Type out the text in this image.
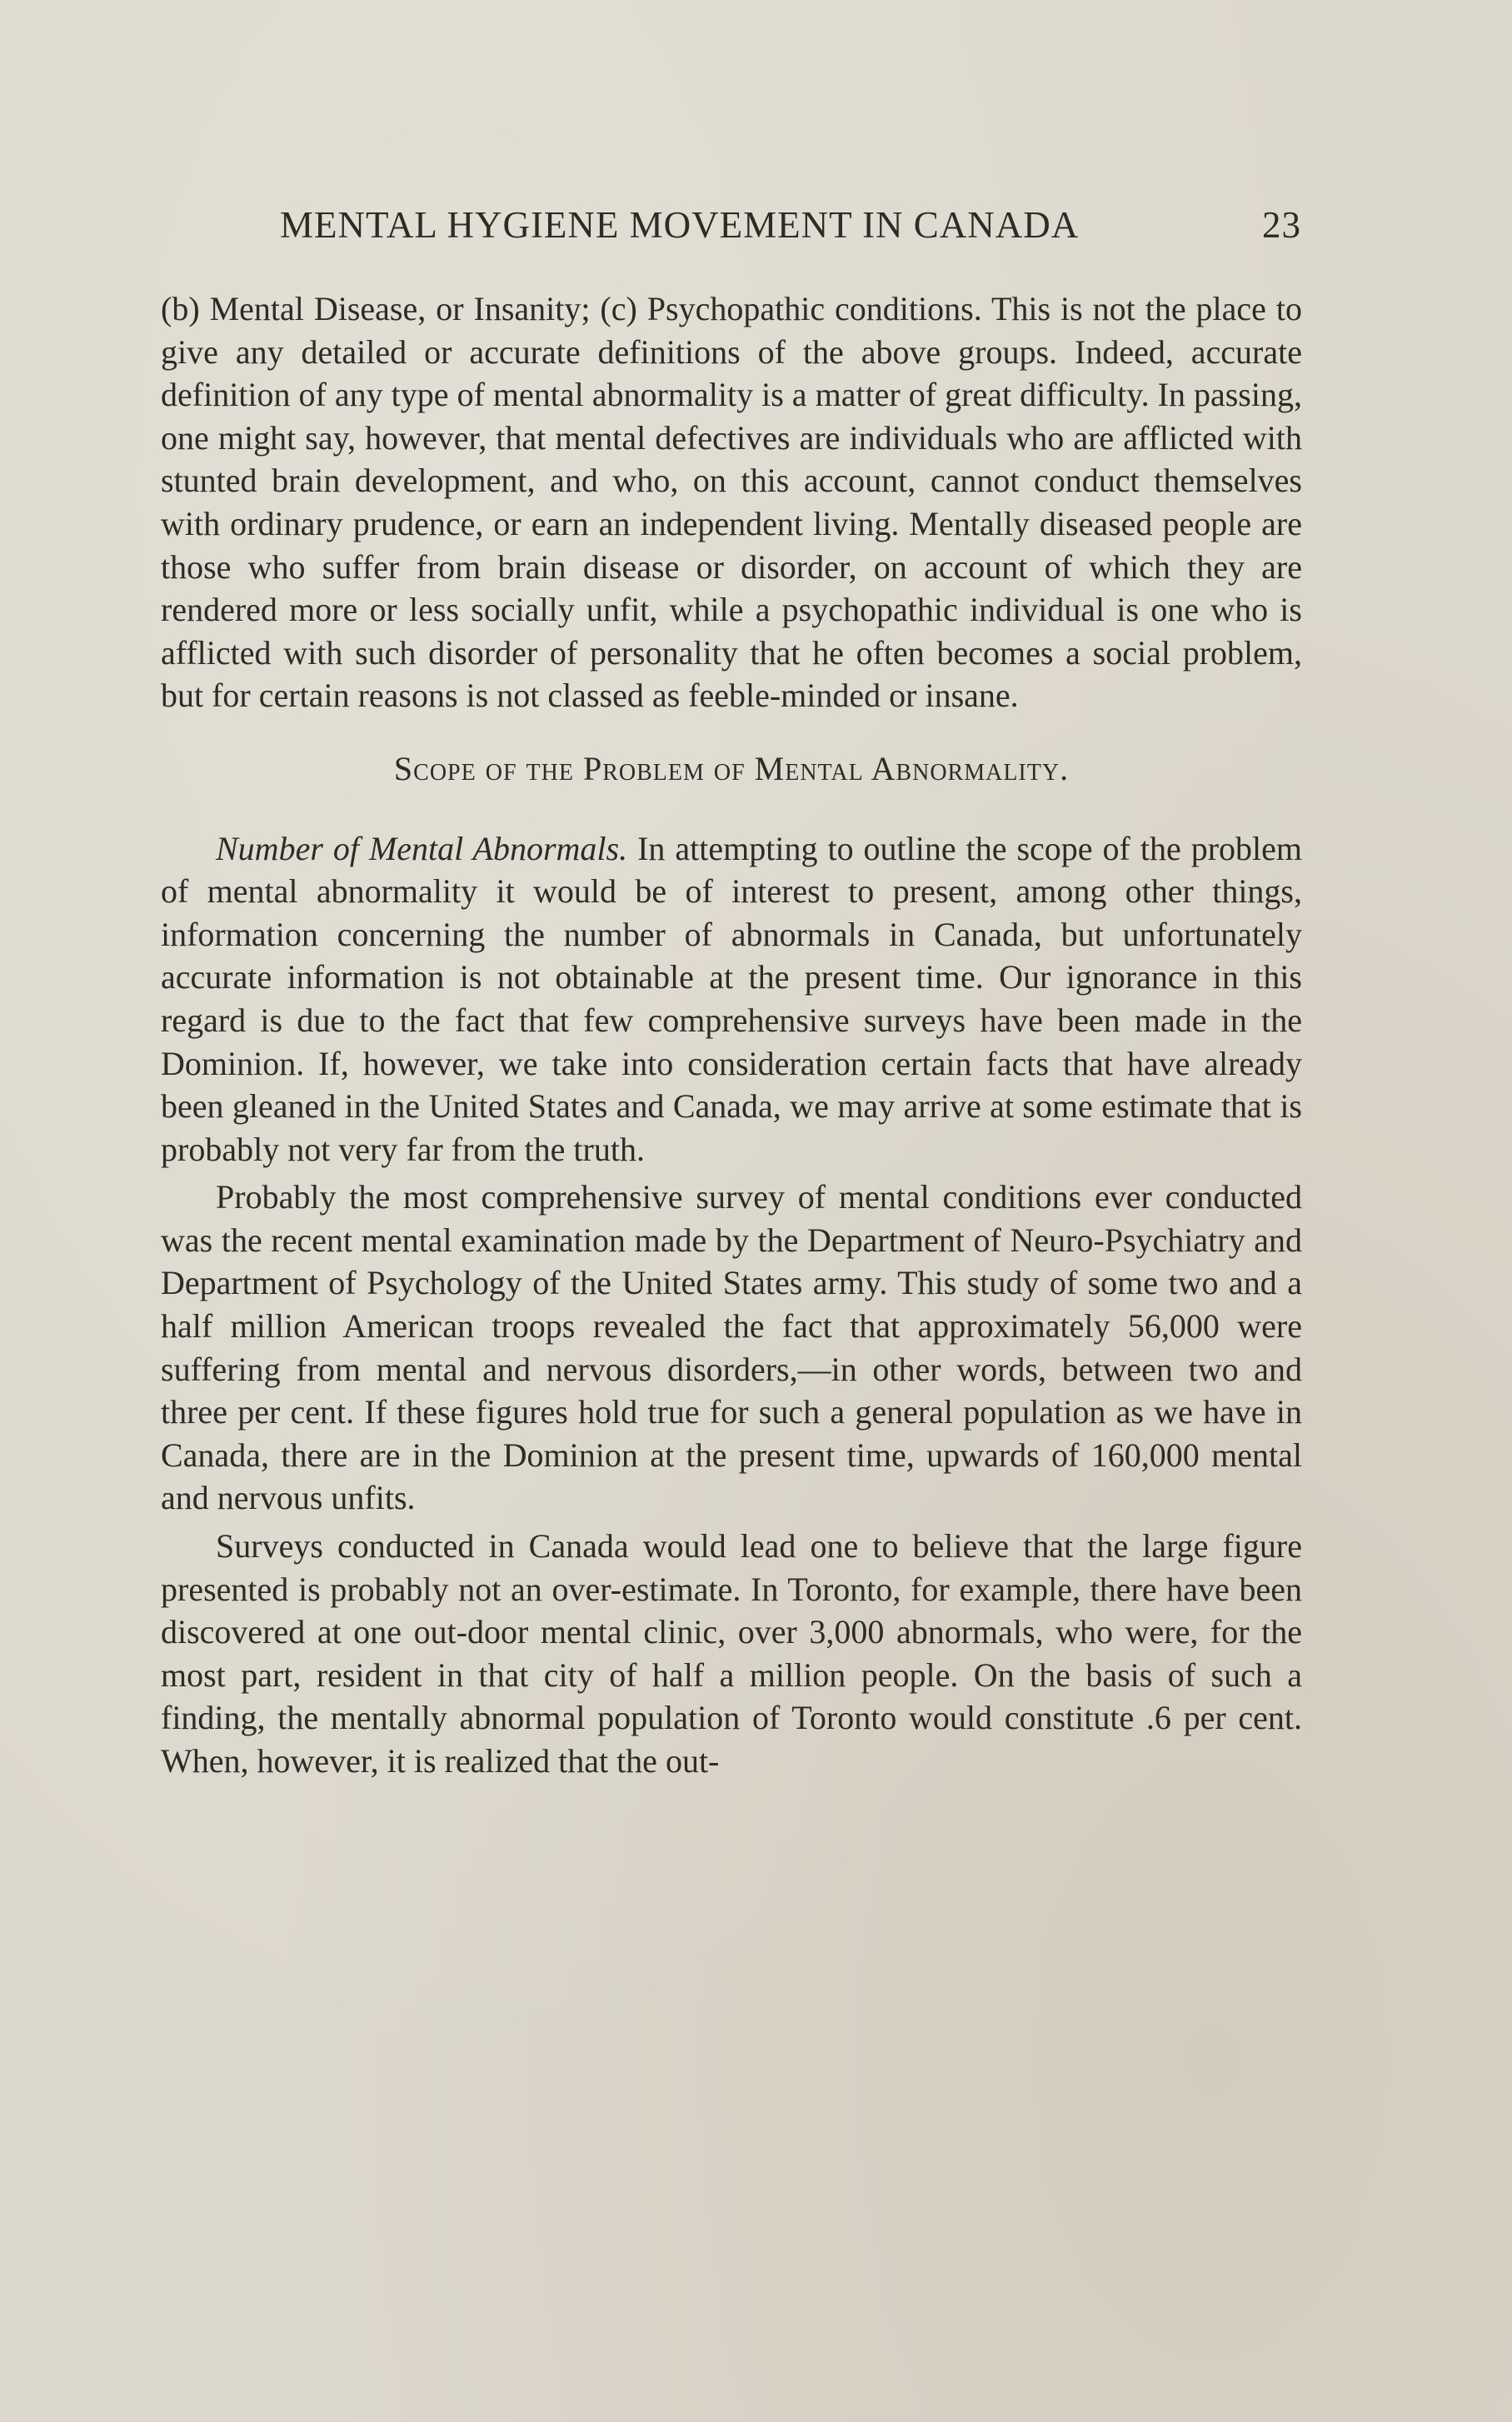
MENTAL HYGIENE MOVEMENT IN CANADA	23

(b) Mental Disease, or Insanity; (c) Psychopathic conditions. This is not the place to give any detailed or accurate definitions of the above groups. Indeed, accurate definition of any type of mental abnormality is a matter of great difficulty. In passing, one might say, however, that mental defectives are individuals who are afflicted with stunted brain development, and who, on this account, cannot conduct themselves with ordinary prudence, or earn an independent living. Mentally diseased people are those who suffer from brain disease or disorder, on account of which they are rendered more or less socially unfit, while a psychopathic individual is one who is afflicted with such disorder of personality that he often becomes a social problem, but for certain reasons is not classed as feeble-minded or insane.

Scope of the Problem of Mental Abnormality.

Number of Mental Abnormals. In attempting to outline the scope of the problem of mental abnormality it would be of interest to present, among other things, information concerning the number of abnormals in Canada, but unfortunately accurate information is not obtainable at the present time. Our ignorance in this regard is due to the fact that few comprehensive surveys have been made in the Dominion. If, however, we take into consideration certain facts that have already been gleaned in the United States and Canada, we may arrive at some estimate that is probably not very far from the truth.

Probably the most comprehensive survey of mental conditions ever conducted was the recent mental examination made by the Department of Neuro-Psychiatry and Department of Psychology of the United States army. This study of some two and a half million American troops revealed the fact that approximately 56,000 were suffering from mental and nervous disorders,—in other words, between two and three per cent. If these figures hold true for such a general population as we have in Canada, there are in the Dominion at the present time, upwards of 160,000 mental and nervous unfits.

Surveys conducted in Canada would lead one to believe that the large figure presented is probably not an over-estimate. In Toronto, for example, there have been discovered at one out-door mental clinic, over 3,000 abnormals, who were, for the most part, resident in that city of half a million people. On the basis of such a finding, the mentally abnormal population of Toronto would constitute .6 per cent. When, however, it is realized that the out-
